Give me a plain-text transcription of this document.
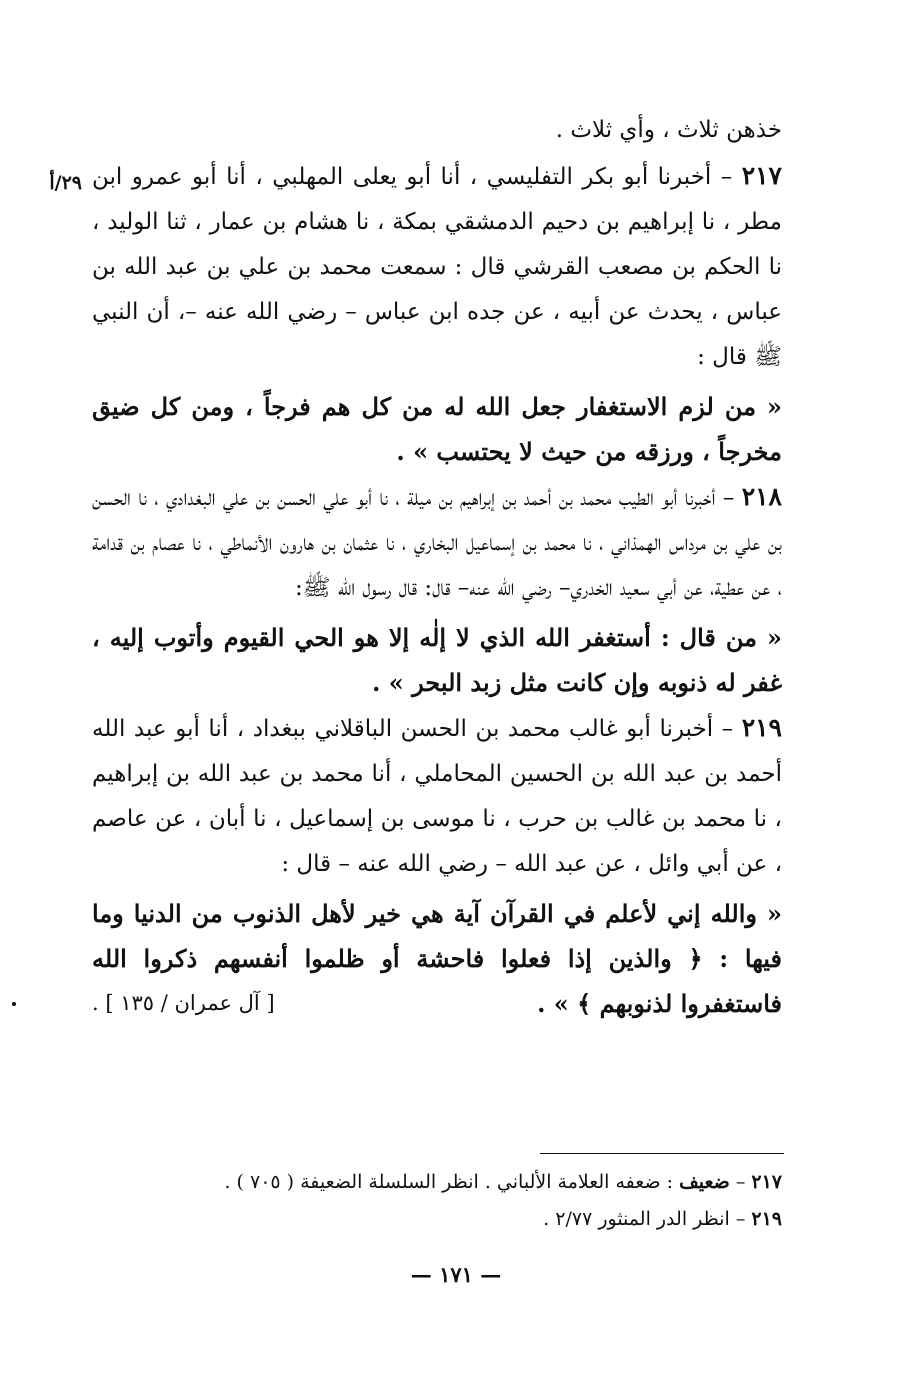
٢٩/أ

خذهن ثلاث ، وأي ثلاث .

٢١٧ – أخبرنا أبو بكر التفليسي ، أنا أبو يعلى المهلبي ، أنا أبو عمرو ابن مطر ، نا إبراهيم بن دحيم الدمشقي بمكة ، نا هشام بن عمار ، ثنا الوليد ، نا الحكم بن مصعب القرشي قال : سمعت محمد بن علي بن عبد الله بن عباس ، يحدث عن أبيه ، عن جده ابن عباس – رضي الله عنه –، أن النبي ﷺ قال :

« من لزم الاستغفار جعل الله له من كل هم فرجاً ، ومن كل ضيق مخرجاً ، ورزقه من حيث لا يحتسب » .

٢١٨ – أخبرنا أبو الطيب محمد بن أحمد بن إبراهيم بن ميلة ، نا أبو علي الحسن بن علي البغدادي ، نا الحسن بن علي بن مرداس الهمذاني ، نا محمد بن إسماعيل البخاري ، نا عثمان بن هارون الأنماطي ، نا عصام بن قدامة ، عن عطية، عن أبي سعيد الخدري– رضي الله عنه– قال: قال رسول الله ﷺ:

« من قال : أستغفر الله الذي لا إلٰه إلا هو الحي القيوم وأتوب إليه ، غفر له ذنوبه وإن كانت مثل زبد البحر » .

٢١٩ – أخبرنا أبو غالب محمد بن الحسن الباقلاني ببغداد ، أنا أبو عبد الله أحمد بن عبد الله بن الحسين المحاملي ، أنا محمد بن عبد الله بن إبراهيم ، نا محمد بن غالب بن حرب ، نا موسى بن إسماعيل ، نا أبان ، عن عاصم ، عن أبي وائل ، عن عبد الله – رضي الله عنه – قال :

« والله إني لأعلم في القرآن آية هي خير لأهل الذنوب من الدنيا وما فيها : ﴿ والذين إذا فعلوا فاحشة أو ظلموا أنفسهم ذكروا الله فاستغفروا لذنوبهم ﴾ » .
[ آل عمران / ١٣٥ ] .

٢١٧ – ضعيف : ضعفه العلامة الألباني . انظر السلسلة الضعيفة ( ٧٠٥ ) .

٢١٩ – انظر الدر المنثور ٢/٧٧ .

— ١٧١ —
